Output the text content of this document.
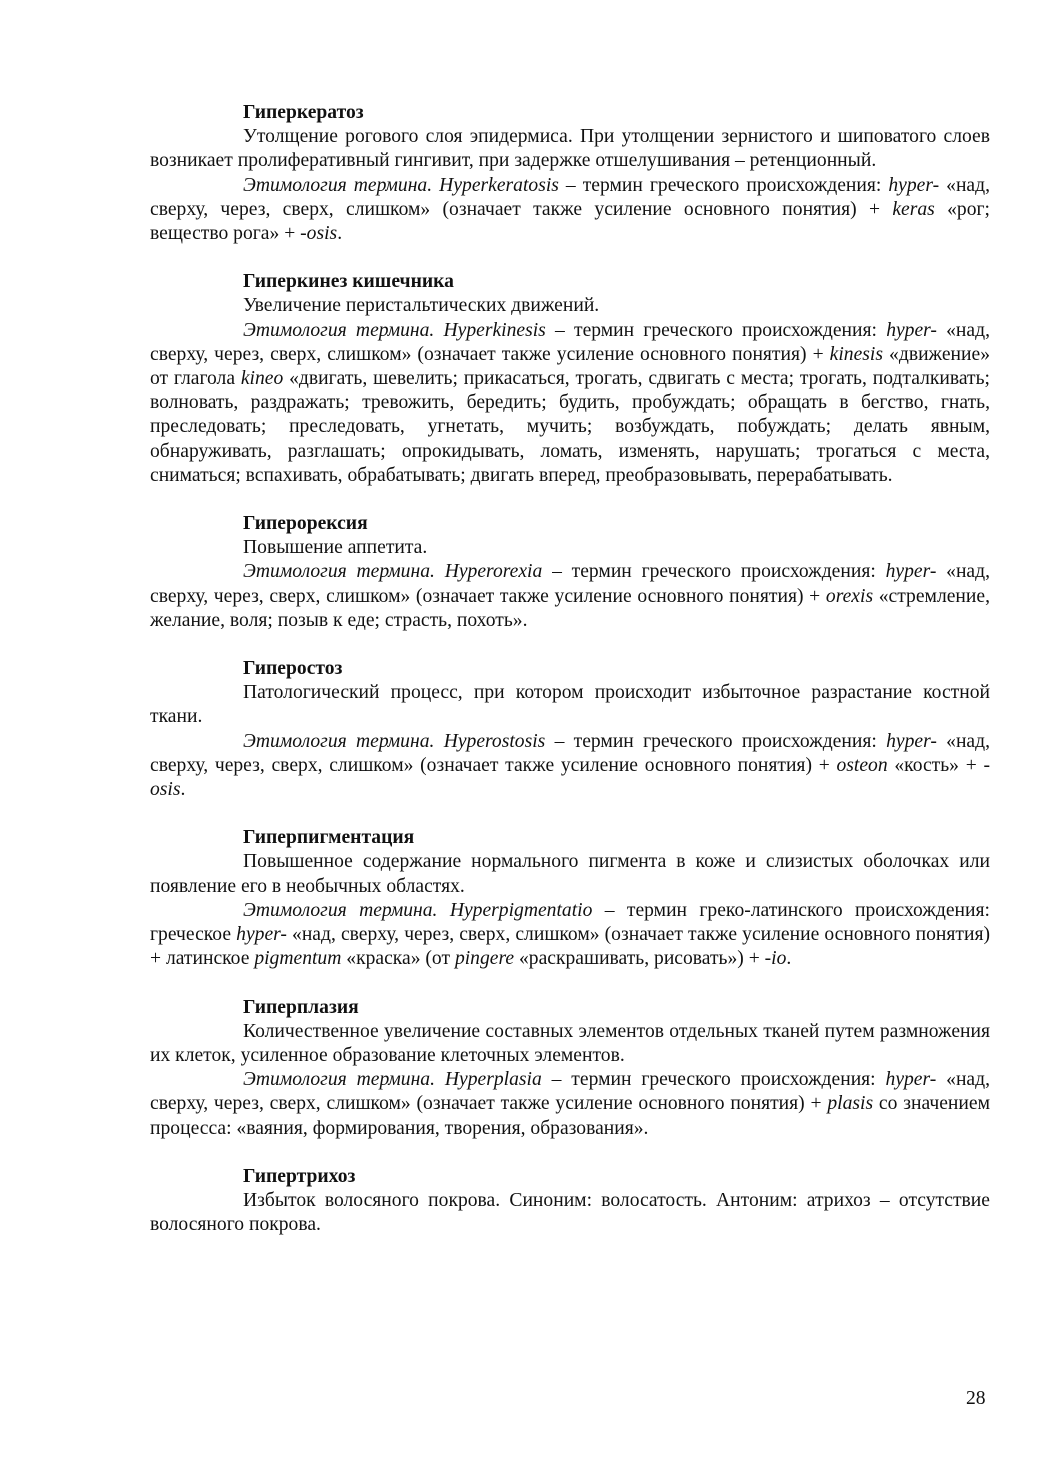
Гиперкератоз

Утолщение рогового слоя эпидермиса. При утолщении зернистого и шиповатого слоев возникает пролиферативный гингивит, при задержке отшелушивания – ретенционный.

Этимология термина. Hyperkeratosis – термин греческого происхождения: hyper- «над, сверху, через, сверх, слишком» (означает также усиление основного понятия) + keras «рог; вещество рога» + -osis.

Гиперкинез кишечника

Увеличение перистальтических движений.

Этимология термина. Hyperkinesis – термин греческого происхождения: hyper- «над, сверху, через, сверх, слишком» (означает также усиление основного понятия) + kinesis «движение» от глагола kineo «двигать, шевелить; прикасаться, трогать, сдвигать с места; трогать, подталкивать; волновать, раздражать; тревожить, бередить; будить, пробуждать; обращать в бегство, гнать, преследовать; преследовать, угнетать, мучить; возбуждать, побуждать; делать явным, обнаруживать, разглашать; опрокидывать, ломать, изменять, нарушать; трогаться с места, сниматься; вспахивать, обрабатывать; двигать вперед, преобразовывать, перерабатывать.

Гиперорексия

Повышение аппетита.

Этимология термина. Hyperorexia – термин греческого происхождения: hyper- «над, сверху, через, сверх, слишком» (означает также усиление основного понятия) + orexis «стремление, желание, воля; позыв к еде; страсть, похоть».

Гиперостоз

Патологический процесс, при котором происходит избыточное разрастание костной ткани.

Этимология термина. Hyperostosis – термин греческого происхождения: hyper- «над, сверху, через, сверх, слишком» (означает также усиление основного понятия) + osteon «кость» + -osis.

Гиперпигментация

Повышенное содержание нормального пигмента в коже и слизистых оболочках или появление его в необычных областях.

Этимология термина. Hyperpigmentatio – термин греко-латинского происхождения: греческое hyper- «над, сверху, через, сверх, слишком» (означает также усиление основного понятия) + латинское pigmentum «краска» (от pingere «раскрашивать, рисовать») + -io.

Гиперплазия

Количественное увеличение составных элементов отдельных тканей путем размножения их клеток, усиленное образование клеточных элементов.

Этимология термина. Hyperplasia – термин греческого происхождения: hyper- «над, сверху, через, сверх, слишком» (означает также усиление основного понятия) + plasis со значением процесса: «ваяния, формирования, творения, образования».

Гипертрихоз

Избыток волосяного покрова. Синоним: волосатость. Антоним: атрихоз – отсутствие волосяного покрова.

28
